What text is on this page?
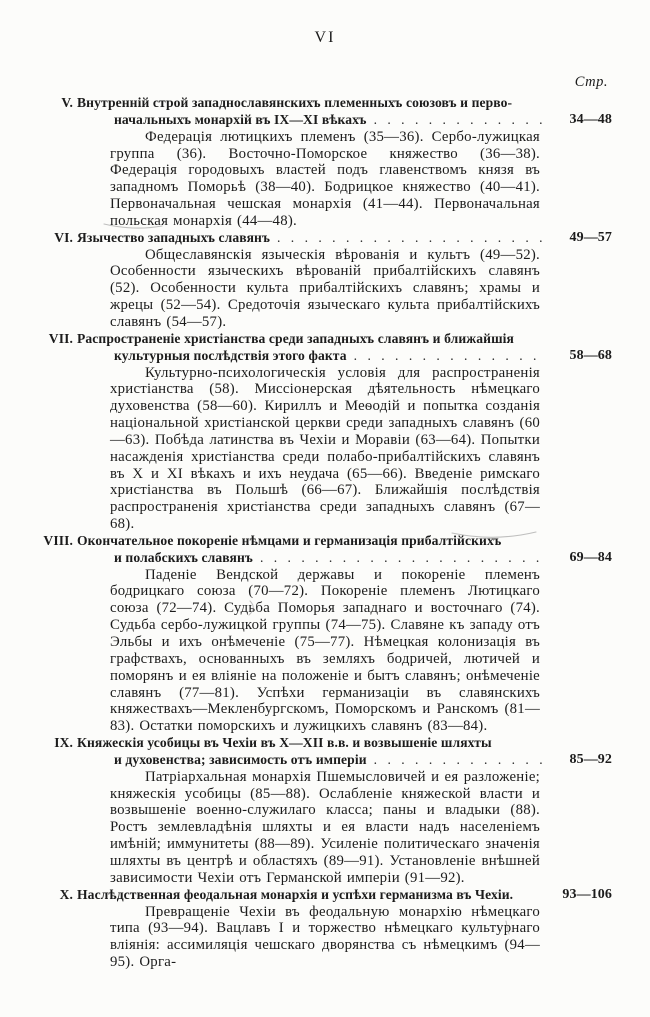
VI
Стр.
V. Внутренній строй западнославянскихъ племенныхъ союзовъ и перво-
начальныхъ монархій въ IX—XI вѣкахъ . . .	34—48

Федерація лютицкихъ племенъ (35—36). Сербо-лужицкая группа (36). Восточно-Поморское княжество (36—38). Федерація городовыхъ властей подъ главенствомъ князя въ западномъ Поморьѣ (38—40). Бодрицкое княжество (40—41). Первоначальная чешская монархія (41—44). Первоначальная польская монархія (44—48).

VI. Язычество западныхъ славянъ . . .	49—57

Общеславянскія языческія вѣрованія и культъ (49—52). Особенности языческихъ вѣрованій прибалтійскихъ славянъ (52). Особенности культа прибалтійскихъ славянъ; храмы и жрецы (52—54). Средоточія языческаго культа прибалтійскихъ славянъ (54—57).

VII. Распространеніе христіанства среди западныхъ славянъ и ближайшія
культурныя послѣдствія этого факта . . .	58—68

Культурно-психологическія условія для распространенія христіанства (58). Миссіонерская дѣятельность нѣмецкаго духовенства (58—60). Кириллъ и Меѳодій и попытка созданія національной христіанской церкви среди западныхъ славянъ (60—63). Побѣда латинства въ Чехіи и Моравіи (63—64). Попытки насажденія христіанства среди полабо-прибалтійскихъ славянъ въ X и XI вѣкахъ и ихъ неудача (65—66). Введеніе римскаго христіанства въ Польшѣ (66—67). Ближайшія послѣдствія распространенія христіанства среди западныхъ славянъ (67—68).

VIII. Окончательное покореніе нѣмцами и германизація прибалтійскихъ
и полабскихъ славянъ . . .	69—84

Паденіе Вендской державы и покореніе племенъ бодрицкаго союза (70—72). Покореніе племенъ Лютицкаго союза (72—74). Судьба Поморья западнаго и восточнаго (74). Судьба сербо-лужицкой группы (74—75). Славяне къ западу отъ Эльбы и ихъ онѣмеченіе (75—77). Нѣмецкая колонизація въ графствахъ, основанныхъ въ земляхъ бодричей, лютичей и поморянъ и ея вліяніе на положеніе и бытъ славянъ; онѣмеченіе славянъ (77—81). Успѣхи германизаціи въ славянскихъ княжествахъ—Мекленбургскомъ, Поморскомъ и Ранскомъ (81—83). Остатки поморскихъ и лужицкихъ славянъ (83—84).

IX. Княжескія усобицы въ Чехіи въ X—XII в.в. и возвышеніе шляхты
и духовенства; зависимость отъ имперіи . . .	85—92

Патріархальная монархія Пшемысловичей и ея разложеніе; княжескія усобицы (85—88). Ослабленіе княжеской власти и возвышеніе военно-служилаго класса; паны и владыки (88). Ростъ землевладѣнія шляхты и ея власти надъ населеніемъ имѣній; иммунитеты (88—89). Усиленіе политическаго значенія шляхты въ центрѣ и областяхъ (89—91). Установленіе внѣшней зависимости Чехіи отъ Германской имперіи (91—92).

X. Наслѣдственная феодальная монархія и успѣхи германизма въ Чехіи.	93—106

Превращеніе Чехіи въ феодальную монархію нѣмецкаго типа (93—94). Вацлавъ I и торжество нѣмецкаго культурнаго вліянія: ассимиляція чешскаго дворянства съ нѣмецкимъ (94—95). Орга-
